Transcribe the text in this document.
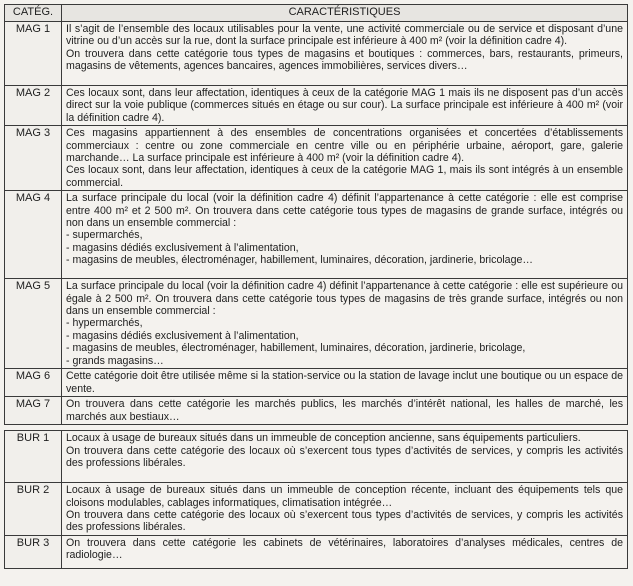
CATÉG.	CARACTÉRISTIQUES
MAG 1	Il s’agit de l’ensemble des locaux utilisables pour la vente, une activité commerciale ou de service et disposant d’une vitrine ou d’un accès sur la rue, dont la surface principale est inférieure à 400 m² (voir la définition cadre 4).
On trouvera dans cette catégorie tous types de magasins et boutiques : commerces, bars, restaurants, primeurs, magasins de vêtements, agences bancaires, agences immobilières, services divers…

MAG 2	Ces locaux sont, dans leur affectation, identiques à ceux de la catégorie MAG 1 mais ils ne disposent pas d’un accès direct sur la voie publique (commerces situés en étage ou sur cour). La surface principale est inférieure à 400 m² (voir la définition cadre 4).

MAG 3	Ces magasins appartiennent à des ensembles de concentrations organisées et concertées d’établissements commerciaux : centre ou zone commerciale en centre ville ou en périphérie urbaine, aéroport, gare, galerie marchande… La surface principale est inférieure à 400 m² (voir la définition cadre 4).
Ces locaux sont, dans leur affectation, identiques à ceux de la catégorie MAG 1, mais ils sont intégrés à un ensemble commercial.

MAG 4	La surface principale du local (voir la définition cadre 4) définit l’appartenance à cette catégorie : elle est comprise entre 400 m² et 2 500 m². On trouvera dans cette catégorie tous types de magasins de grande surface, intégrés ou non dans un ensemble commercial :
- supermarchés,
- magasins dédiés exclusivement à l’alimentation,
- magasins de meubles, électroménager, habillement, luminaires, décoration, jardinerie, bricolage…

MAG 5	La surface principale du local (voir la définition cadre 4) définit l’appartenance à cette catégorie : elle est supérieure ou égale à 2 500 m². On trouvera dans cette catégorie tous types de magasins de très grande surface, intégrés ou non dans un ensemble commercial :
- hypermarchés,
- magasins dédiés exclusivement à l’alimentation,
- magasins de meubles, électroménager, habillement, luminaires, décoration, jardinerie, bricolage,
- grands magasins…

MAG 6	Cette catégorie doit être utilisée même si la station-service ou la station de lavage inclut une boutique ou un espace de vente.

MAG 7	On trouvera dans cette catégorie les marchés publics, les marchés d’intérêt national, les halles de marché, les marchés aux bestiaux…

BUR 1	Locaux à usage de bureaux situés dans un immeuble de conception ancienne, sans équipements particuliers.
On trouvera dans cette catégorie des locaux où s’exercent tous types d’activités de services, y compris les activités des professions libérales.

BUR 2	Locaux à usage de bureaux situés dans un immeuble de conception récente, incluant des équipements tels que cloisons modulables, cablages informatiques, climatisation intégrée…
On trouvera dans cette catégorie des locaux où s’exercent tous types d’activités de services, y compris les activités des professions libérales.

BUR 3	On trouvera dans cette catégorie les cabinets de vétérinaires, laboratoires d’analyses médicales, centres de radiologie…
